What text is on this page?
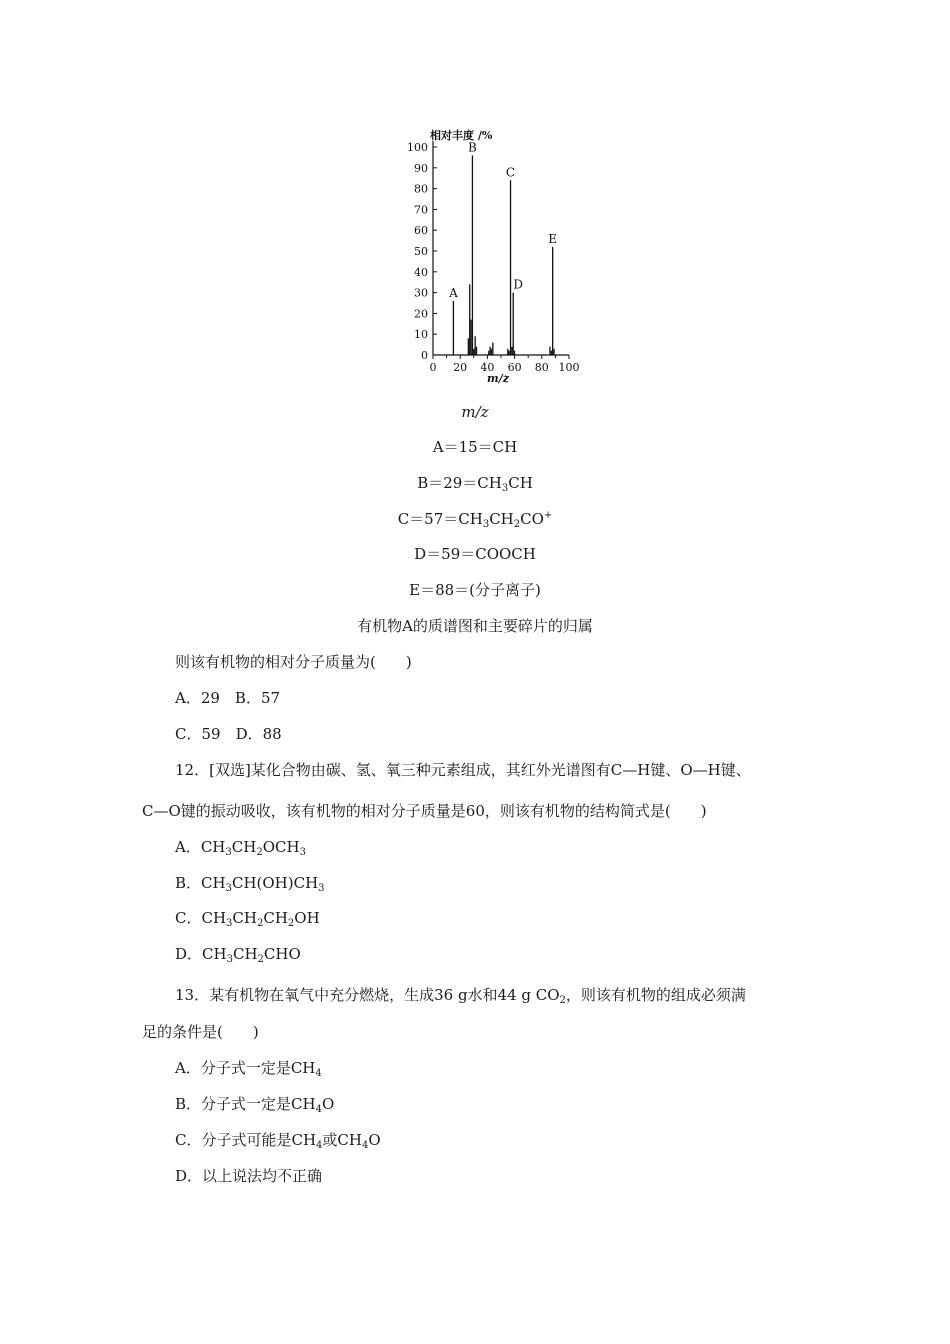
相对丰度 /%
0
10
20
30
40
50
60
70
80
90
100
0 20 40 60 80 100
A
B
C
D
E
m/z
m/z
A＝15＝CH
$B=29=CH_3CH$
$C=57=CH_3CH_2CO^+$
D＝59＝COOCH
E＝88＝(分子离子)
有机物A的质谱图和主要碎片的归属
则该有机物的相对分子质量为(　　)
A．29　B．57
C．59　D．88
12．[双选]某化合物由碳、氢、氧三种元素组成，其红外光谱图有C—H键、O—H键、
C—O键的振动吸收，该有机物的相对分子质量是60，则该有机物的结构简式是(　　)
A．$CH_3CH_2OCH_3$
B．$CH_3CH(OH)CH_3$
C．$CH_3CH_2CH_2OH$
D．$CH_3CH_2CHO$
13．某有机物在氧气中充分燃烧，生成36 g水和44 g $CO_2$，则该有机物的组成必须满
足的条件是(　　)
A．分子式一定是$CH_4$
B．分子式一定是$CH_4O$
C．分子式可能是$CH_4$或$CH_4O$
D．以上说法均不正确
